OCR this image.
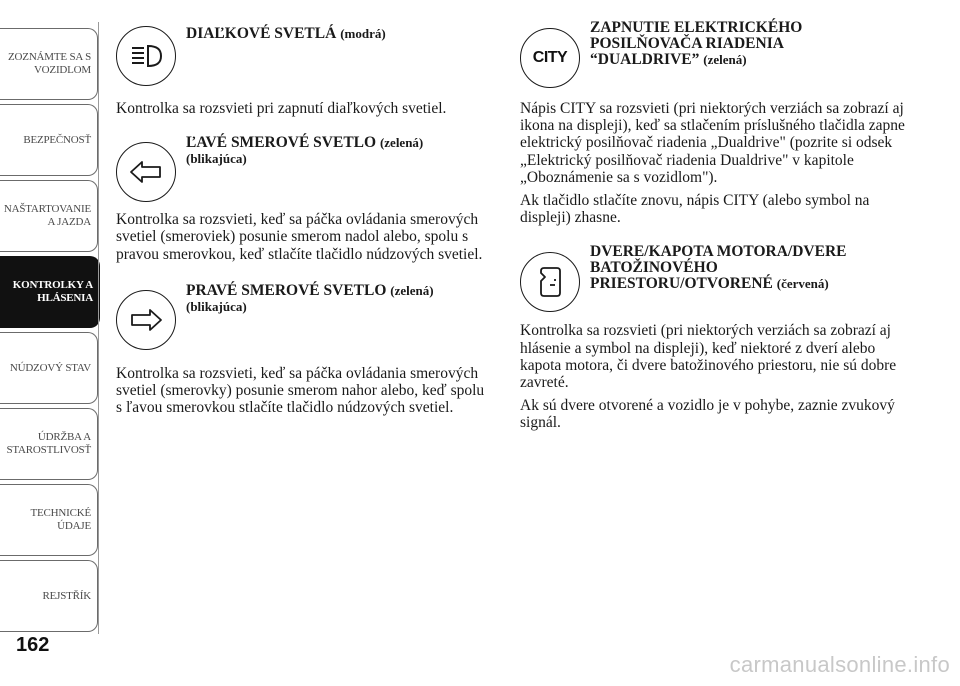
ZOZNÁMTE SA S
VOZIDLOM
BEZPEČNOSŤ
NAŠTARTOVANIE
A JAZDA
KONTROLKY A
HLÁSENIA
NÚDZOVÝ STAV
ÚDRŽBA A
STAROSTLIVOSŤ
TECHNICKÉ
ÚDAJE
REJSTŘÍK
162
DIAĽKOVÉ SVETLÁ (modrá)

Kontrolka sa rozsvieti pri zapnutí diaľkových svetiel.

ĽAVÉ SMEROVÉ SVETLO (zelená)
(blikajúca)

Kontrolka sa rozsvieti, keď sa páčka ovládania smerových svetiel (smeroviek) posunie smerom nadol alebo, spolu s pravou smerovkou, keď stlačíte tlačidlo núdzových svetiel.

PRAVÉ SMEROVÉ SVETLO (zelená)
(blikajúca)

Kontrolka sa rozsvieti, keď sa páčka ovládania smerových svetiel (smerovky) posunie smerom nahor alebo, keď spolu s ľavou smerovkou stlačíte tlačidlo núdzových svetiel.

CITY
ZAPNUTIE ELEKTRICKÉHO
POSILŇOVAČA RIADENIA
“DUALDRIVE” (zelená)

Nápis CITY sa rozsvieti (pri niektorých verziách sa zobrazí aj ikona na displeji), keď sa stlačením príslušného tlačidla zapne elektrický posilňovač riadenia „Dualdrive" (pozrite si odsek „Elektrický posilňovač riadenia Dualdrive" v kapitole „Oboznámenie sa s vozidlom").

Ak tlačidlo stlačíte znovu, nápis CITY (alebo symbol na displeji) zhasne.

DVERE/KAPOTA MOTORA/DVERE
BATOŽINOVÉHO
PRIESTORU/OTVORENÉ (červená)

Kontrolka sa rozsvieti (pri niektorých verziách sa zobrazí aj hlásenie a symbol na displeji), keď niektoré z dverí alebo kapota motora, či dvere batožinového priestoru, nie sú dobre zavreté.

Ak sú dvere otvorené a vozidlo je v pohybe, zaznie zvukový signál.

carmanualsonline.info
